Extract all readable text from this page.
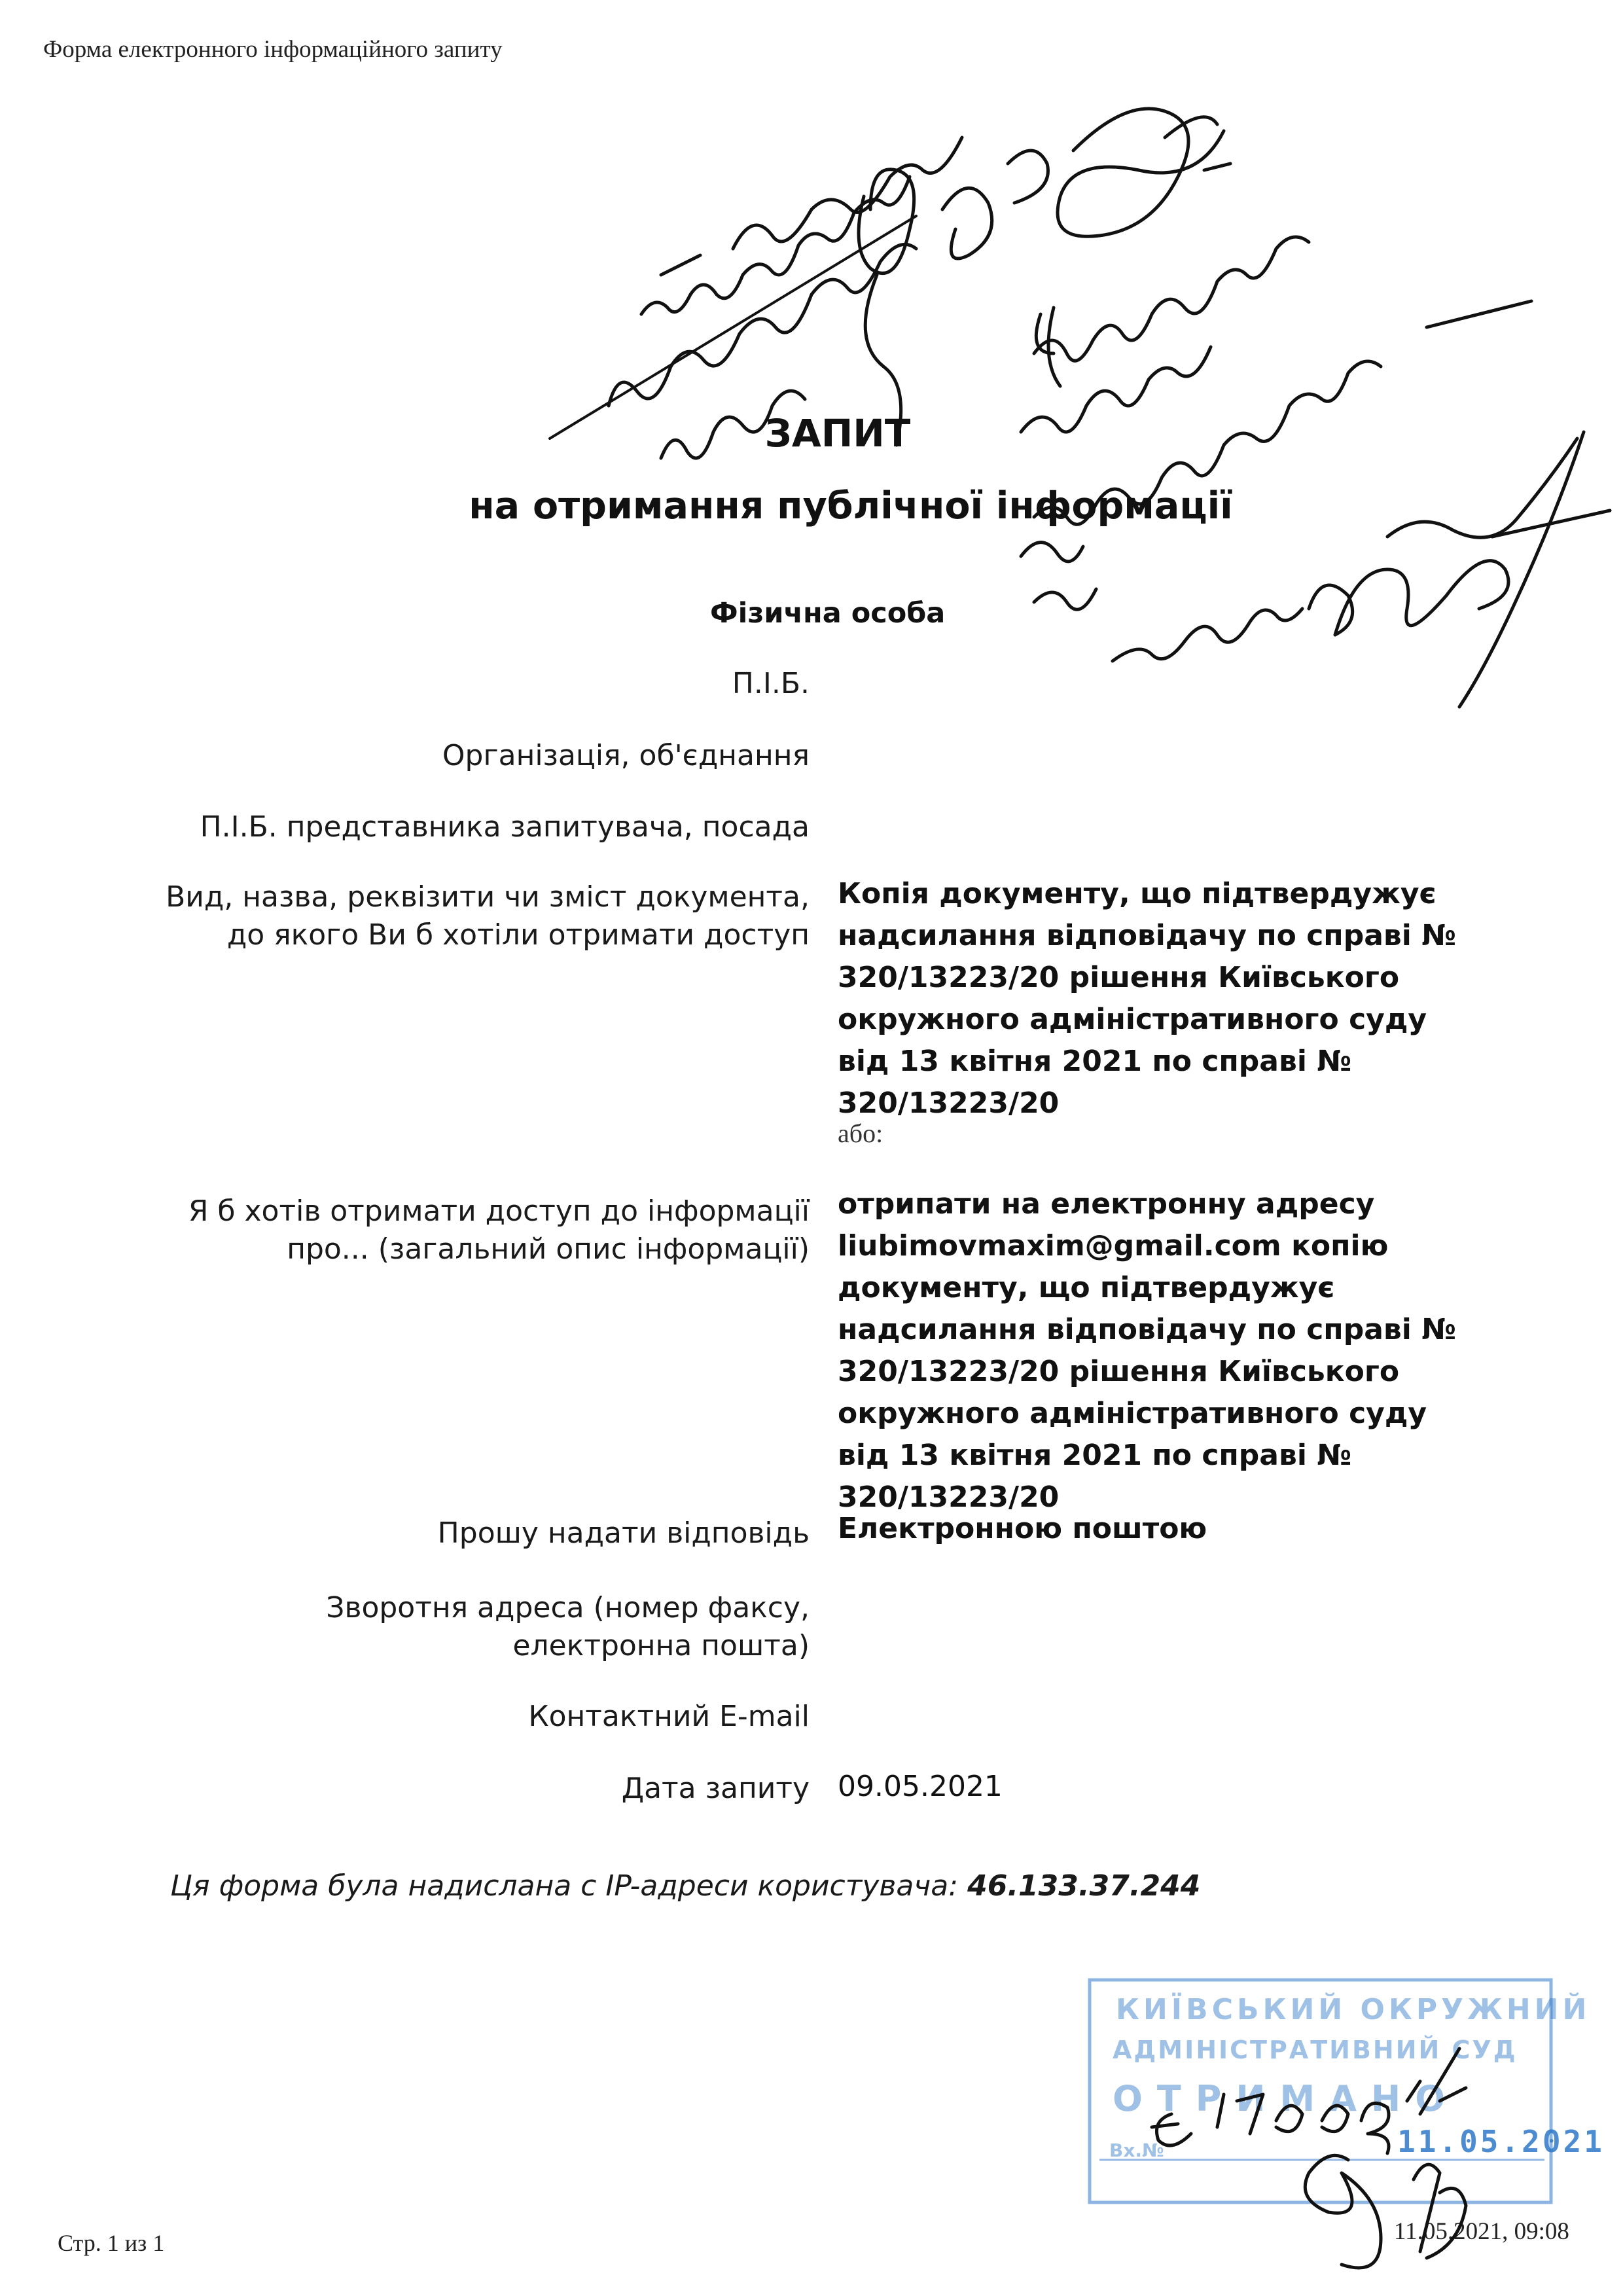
Форма електронного інформаційного запиту
ЗАПИТ
на отримання публічної інформації
Фізична особа
П.І.Б.
Організація, об'єднання
П.І.Б. представника запитувача, посада
Вид, назва, реквізити чи зміст документа, до якого Ви б хотіли отримати доступ
Копія документу, що підтвердужує надсилання відповідачу по справі № 320/13223/20 рішення Київського окружного адміністративного суду від 13 квітня 2021 по справі № 320/13223/20
або:
Я б хотів отримати доступ до інформації про... (загальний опис інформації)
отрипати на електронну адресу liubimovmaxim@gmail.com копію документу, що підтвердужує надсилання відповідачу по справі № 320/13223/20 рішення Київського окружного адміністративного суду від 13 квітня 2021 по справі № 320/13223/20
Прошу надати відповідь Електронною поштою
Зворотня адреса (номер факсу, електронна пошта)
Контактний E-mail
Дата запиту 09.05.2021
Ця форма була надислана с IP-адреси користувача: 46.133.37.244
Стр. 1 из 1	11.05.2021, 09:08
КИЇВСЬКИЙ ОКРУЖНИЙ
АДМІНІСТРАТИВНИЙ СУД
ОТРИМАНО
Вх.№	11.05.2021
